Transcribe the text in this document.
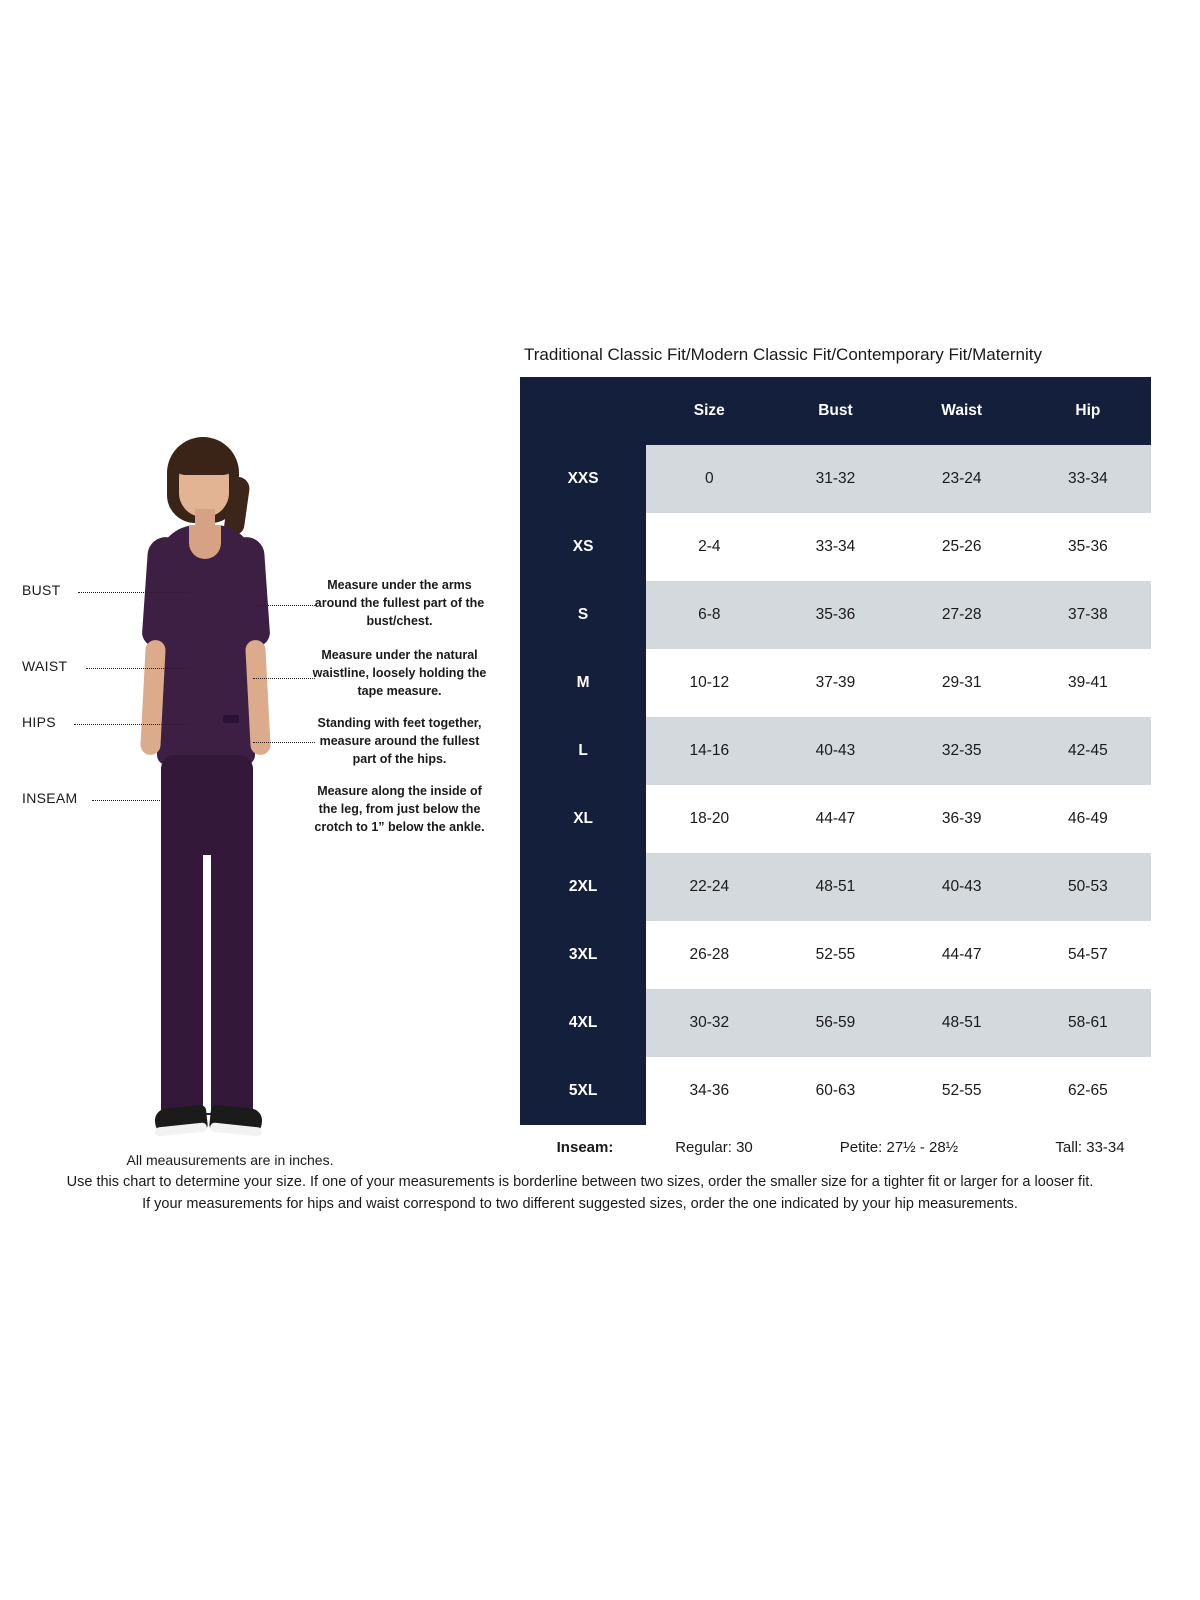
BUST
WAIST
HIPS
INSEAM
Measure under the arms around the fullest part of the bust/chest.
Measure under the natural waistline, loosely holding the tape measure.
Standing with feet together, measure around the fullest part of the hips.
Measure along the inside of the leg, from just below the crotch to 1” below the ankle.
All meausurements are in inches.
Traditional Classic Fit/Modern Classic Fit/Contemporary Fit/Maternity
	Size	Bust	Waist	Hip
XXS	0	31-32	23-24	33-34
XS	2-4	33-34	25-26	35-36
S	6-8	35-36	27-28	37-38
M	10-12	37-39	29-31	39-41
L	14-16	40-43	32-35	42-45
XL	18-20	44-47	36-39	46-49
2XL	22-24	48-51	40-43	50-53
3XL	26-28	52-55	44-47	54-57
4XL	30-32	56-59	48-51	58-61
5XL	34-36	60-63	52-55	62-65
Inseam:	Regular: 30	Petite: 27½ - 28½	Tall: 33-34
Use this chart to determine your size. If one of your measurements is borderline between two sizes, order the smaller size for a tighter fit or larger for a looser fit.
If your measurements for hips and waist correspond to two different suggested sizes, order the one indicated by your hip measurements.
